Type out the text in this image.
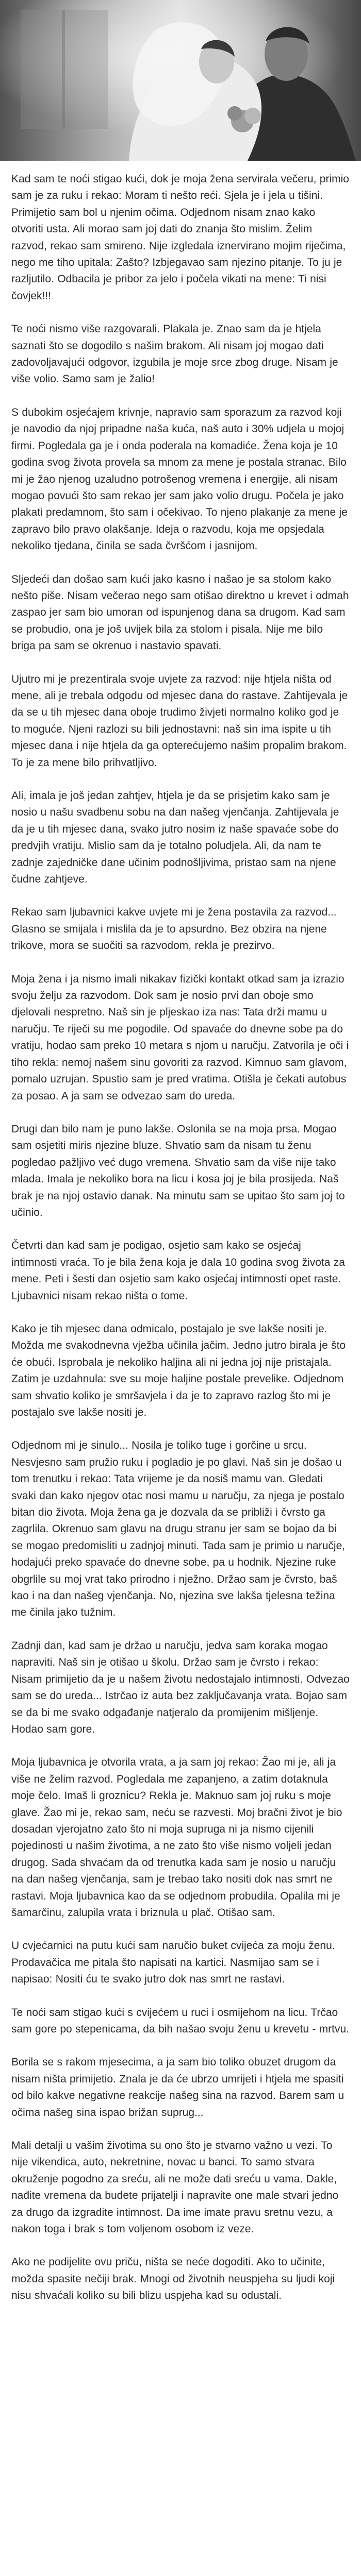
Kad sam te noći stigao kući, dok je moja žena servirala večeru, primio sam je za ruku i rekao: Moram ti nešto reći. Sjela je i jela u tišini. Primijetio sam bol u njenim očima. Odjednom nisam znao kako otvoriti usta. Ali morao sam joj dati do znanja što mislim. Želim razvod, rekao sam smireno. Nije izgledala iznervirano mojim riječima, nego me tiho upitala: Zašto? Izbjegavao sam njezino pitanje. To ju je razljutilo. Odbacila je pribor za jelo i počela vikati na mene: Ti nisi čovjek!!!

Te noći nismo više razgovarali. Plakala je. Znao sam da je htjela saznati što se dogodilo s našim brakom. Ali nisam joj mogao dati zadovoljavajući odgovor, izgubila je moje srce zbog druge. Nisam je više volio. Samo sam je žalio!

S dubokim osjećajem krivnje, napravio sam sporazum za razvod koji je navodio da njoj pripadne naša kuća, naš auto i 30% udjela u mojoj firmi. Pogledala ga je i onda poderala na komadiće. Žena koja je 10 godina svog života provela sa mnom za mene je postala stranac. Bilo mi je žao njenog uzaludno potrošenog vremena i energije, ali nisam mogao povući što sam rekao jer sam jako volio drugu. Počela je jako plakati predamnom, što sam i očekivao. To njeno plakanje za mene je zapravo bilo pravo olakšanje. Ideja o razvodu, koja me opsjedala nekoliko tjedana, činila se sada čvršćom i jasnijom.

Sljedeći dan došao sam kući jako kasno i našao je sa stolom kako nešto piše. Nisam večerao nego sam otišao direktno u krevet i odmah zaspao jer sam bio umoran od ispunjenog dana sa drugom. Kad sam se probudio, ona je još uvijek bila za stolom i pisala. Nije me bilo briga pa sam se okrenuo i nastavio spavati.

Ujutro mi je prezentirala svoje uvjete za razvod: nije htjela ništa od mene, ali je trebala odgodu od mjesec dana do rastave. Zahtijevala je da se u tih mjesec dana oboje trudimo živjeti normalno koliko god je to moguće. Njeni razlozi su bili jednostavni: naš sin ima ispite u tih mjesec dana i nije htjela da ga opterećujemo našim propalim brakom. To je za mene bilo prihvatljivo.

Ali, imala je još jedan zahtjev, htjela je da se prisjetim kako sam je nosio u našu svadbenu sobu na dan našeg vjenčanja. Zahtijevala je da je u tih mjesec dana, svako jutro nosim iz naše spavaće sobe do predvjih vratiju. Mislio sam da je totalno poludjela. Ali, da nam te zadnje zajedničke dane učinim podnošljivima, pristao sam na njene čudne zahtjeve.

Rekao sam ljubavnici kakve uvjete mi je žena postavila za razvod... Glasno se smijala i mislila da je to apsurdno. Bez obzira na njene trikove, mora se suočiti sa razvodom, rekla je prezirvo.

Moja žena i ja nismo imali nikakav fizički kontakt otkad sam ja izrazio svoju želju za razvodom. Dok sam je nosio prvi dan oboje smo djelovali nespretno. Naš sin je pljeskao iza nas: Tata drži mamu u naručju. Te riječi su me pogodile. Od spavaće do dnevne sobe pa do vratiju, hodao sam preko 10 metara s njom u naručju. Zatvorila je oči i tiho rekla: nemoj našem sinu govoriti za razvod. Kimnuo sam glavom, pomalo uzrujan. Spustio sam je pred vratima. Otišla je čekati autobus za posao. A ja sam se odvezao sam do ureda.

Drugi dan bilo nam je puno lakše. Oslonila se na moja prsa. Mogao sam osjetiti miris njezine bluze. Shvatio sam da nisam tu ženu pogledao pažljivo već dugo vremena. Shvatio sam da više nije tako mlada. Imala je nekoliko bora na licu i kosa joj je bila prosijeda. Naš brak je na njoj ostavio danak. Na minutu sam se upitao što sam joj to učinio.

Četvrti dan kad sam je podigao, osjetio sam kako se osjećaj intimnosti vraća. To je bila žena koja je dala 10 godina svog života za mene. Peti i šesti dan osjetio sam kako osjećaj intimnosti opet raste. Ljubavnici nisam rekao ništa o tome.

Kako je tih mjesec dana odmicalo, postajalo je sve lakše nositi je. Možda me svakodnevna vježba učinila jačim. Jedno jutro birala je što će obući. Isprobala je nekoliko haljina ali ni jedna joj nije pristajala. Zatim je uzdahnula: sve su moje haljine postale prevelike. Odjednom sam shvatio koliko je smršavjela i da je to zapravo razlog što mi je postajalo sve lakše nositi je.

Odjednom mi je sinulo... Nosila je toliko tuge i gorčine u srcu. Nesvjesno sam pružio ruku i pogladio je po glavi. Naš sin je došao u tom trenutku i rekao: Tata vrijeme je da nosiš mamu van. Gledati svaki dan kako njegov otac nosi mamu u naručju, za njega je postalo bitan dio života. Moja žena ga je dozvala da se približi i čvrsto ga zagrlila. Okrenuo sam glavu na drugu stranu jer sam se bojao da bi se mogao predomisliti u zadnjoj minuti. Tada sam je primio u naručje, hodajući preko spavaće do dnevne sobe, pa u hodnik. Njezine ruke obgrlile su moj vrat tako prirodno i nježno. Držao sam je čvrsto, baš kao i na dan našeg vjenčanja. No, njezina sve lakša tjelesna težina me činila jako tužnim.

Zadnji dan, kad sam je držao u naručju, jedva sam koraka mogao napraviti. Naš sin je otišao u školu. Držao sam je čvrsto i rekao: Nisam primijetio da je u našem životu nedostajalo intimnosti. Odvezao sam se do ureda... Istrčao iz auta bez zaključavanja vrata. Bojao sam se da bi me svako odgađanje natjeralo da promijenim mišljenje. Hodao sam gore.

Moja ljubavnica je otvorila vrata, a ja sam joj rekao: Žao mi je, ali ja više ne želim razvod. Pogledala me zapanjeno, a zatim dotaknula moje čelo. Imaš li groznicu? Rekla je. Maknuo sam joj ruku s moje glave. Žao mi je, rekao sam, neću se razvesti. Moj bračni život je bio dosadan vjerojatno zato što ni moja supruga ni ja nismo cijenili pojedinosti u našim životima, a ne zato što više nismo voljeli jedan drugog. Sada shvaćam da od trenutka kada sam je nosio u naručju na dan našeg vjenčanja, sam je trebao tako nositi dok nas smrt ne rastavi. Moja ljubavnica kao da se odjednom probudila. Opalila mi je šamarčinu, zalupila vrata i briznula u plač. Otišao sam.

U cvjećarnici na putu kući sam naručio buket cvijeća za moju ženu. Prodavačica me pitala što napisati na kartici. Nasmijao sam se i napisao: Nositi ću te svako jutro dok nas smrt ne rastavi.

Te noći sam stigao kući s cvijećem u ruci i osmijehom na licu. Trčao sam gore po stepenicama, da bih našao svoju ženu u krevetu - mrtvu.

Borila se s rakom mjesecima, a ja sam bio toliko obuzet drugom da nisam ništa primijetio. Znala je da će ubrzo umrijeti i htjela me spasiti od bilo kakve negativne reakcije našeg sina na razvod. Barem sam u očima našeg sina ispao brižan suprug...

Mali detalji u vašim životima su ono što je stvarno važno u vezi. To nije vikendica, auto, nekretnine, novac u banci. To samo stvara okruženje pogodno za sreću, ali ne može dati sreću u vama. Dakle, nađite vremena da budete prijatelji i napravite one male stvari jedno za drugo da izgradite intimnost. Da ime imate pravu sretnu vezu, a nakon toga i brak s tom voljenom osobom iz veze.

Ako ne podijelite ovu priču, ništa se neće dogoditi. Ako to učinite, možda spasite nečiji brak. Mnogi od životnih neuspjeha su ljudi koji nisu shvaćali koliko su bili blizu uspjeha kad su odustali.
